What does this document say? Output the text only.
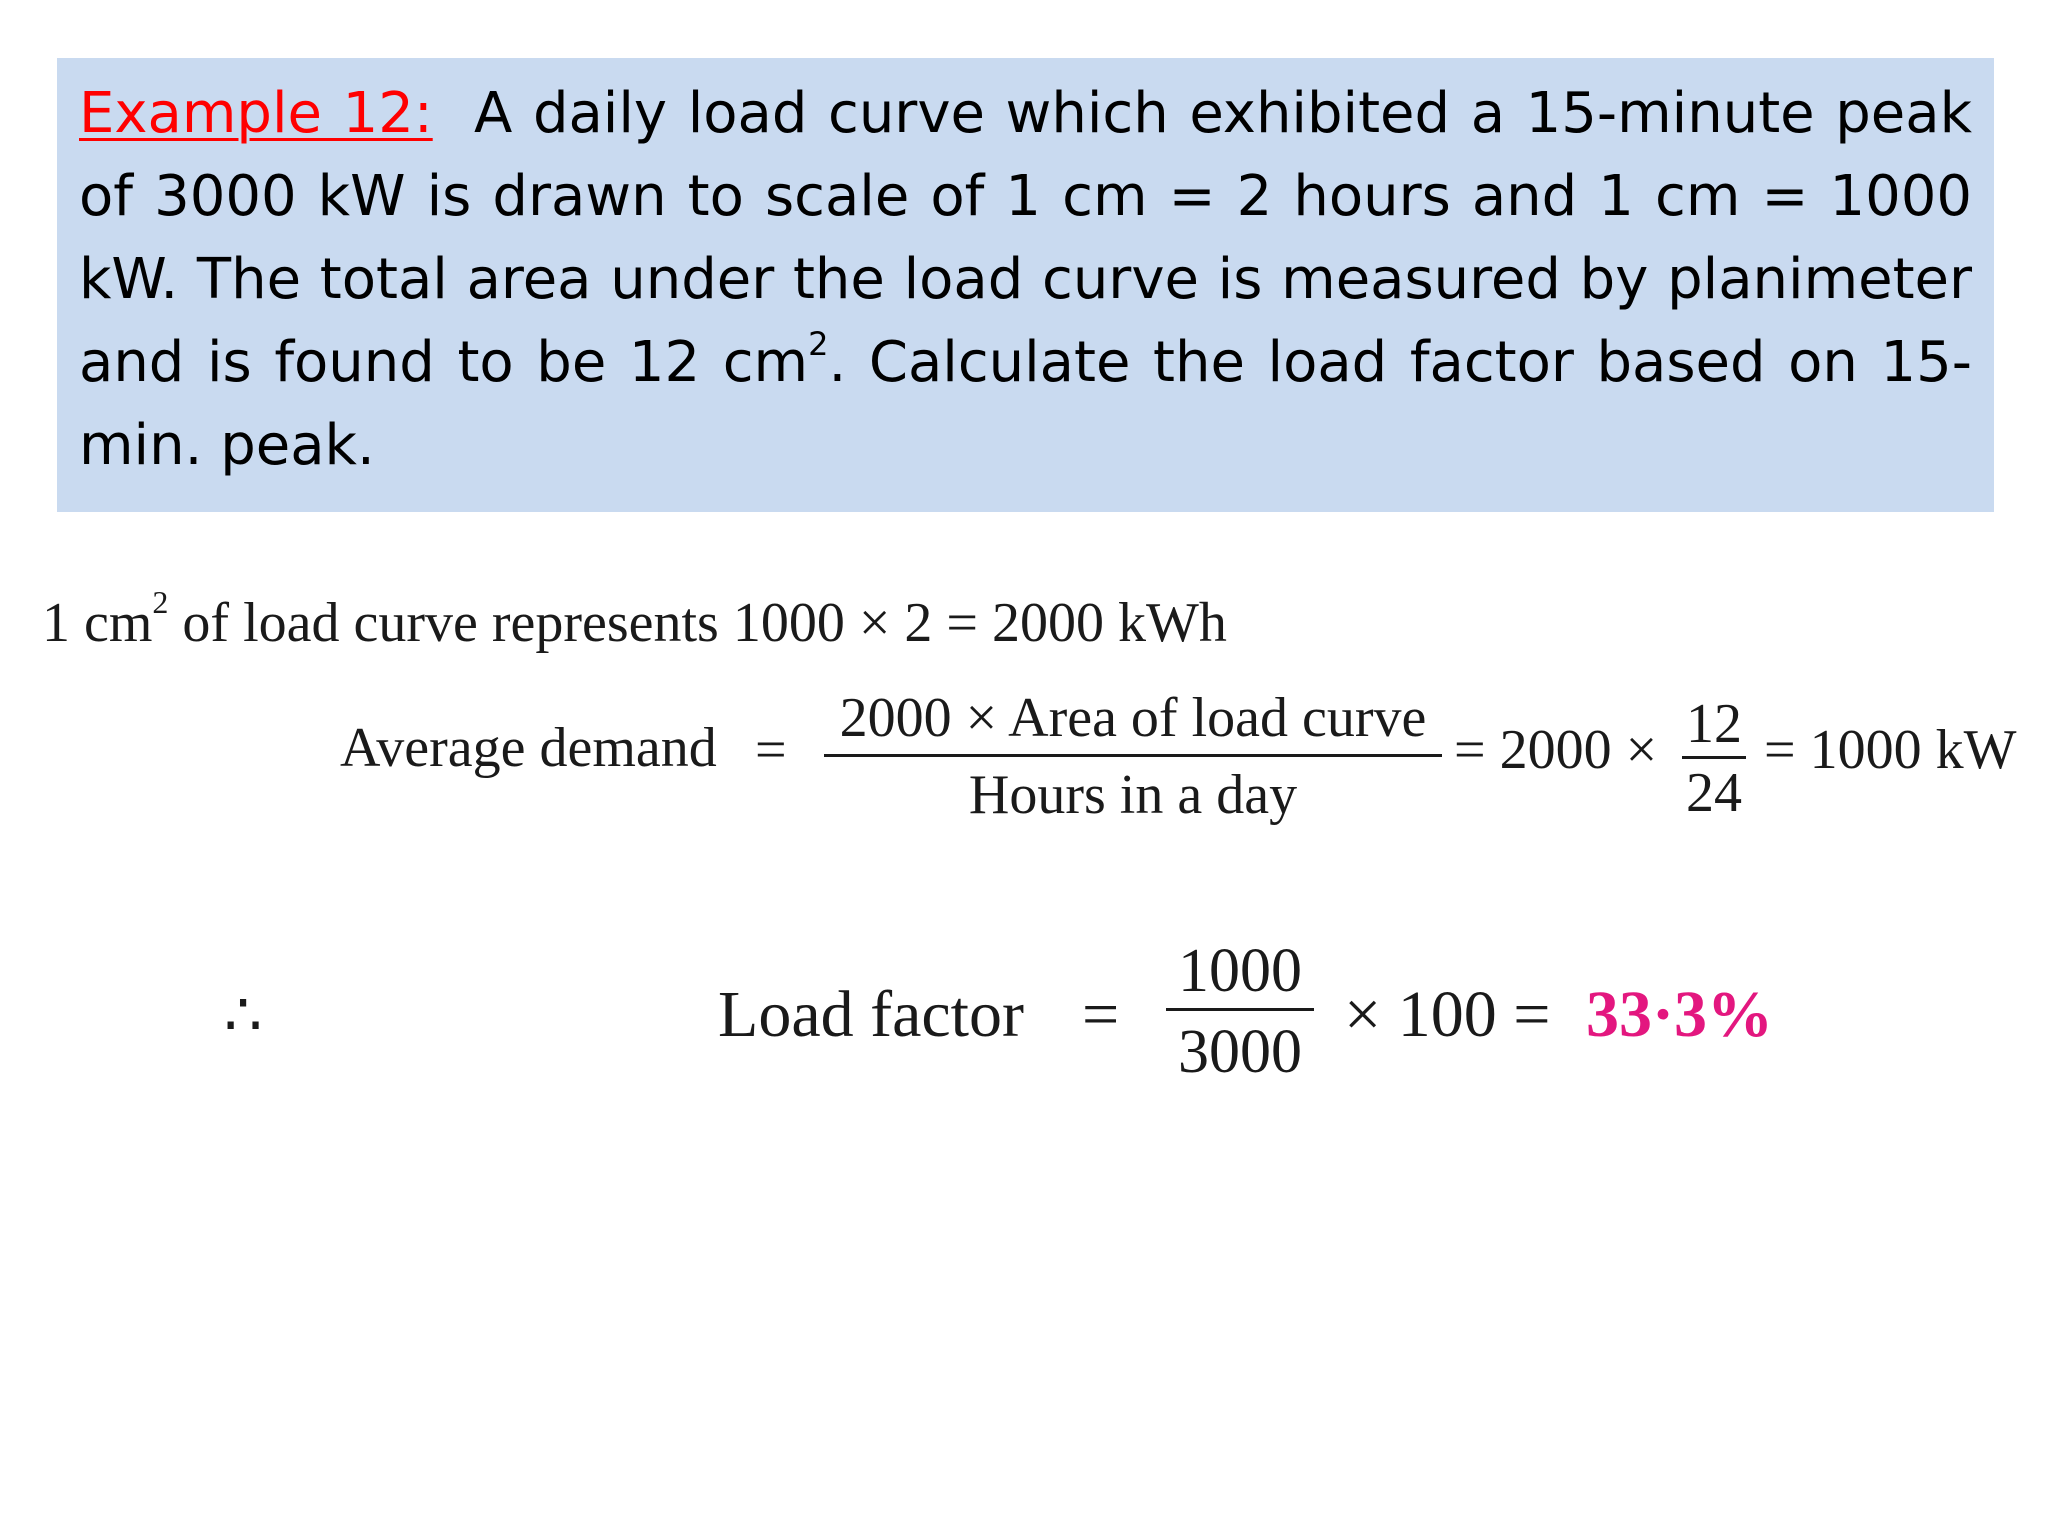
Example 12: A daily load curve which exhibited a 15-minute peak of 3000 kW is drawn to scale of 1 cm = 2 hours and 1 cm = 1000 kW. The total area under the load curve is measured by planimeter and is found to be 12 $cm^2$. Calculate the load factor based on 15-min. peak.

1 $cm^2$ of load curve represents 1000 × 2 = 2000 kWh
Average demand =
2000 × Area of load curve
Hours in a day
= 2000 × 12
24
= 1000 kW
∴	Load factor =
1000
3000
× 100 = 33·3%
